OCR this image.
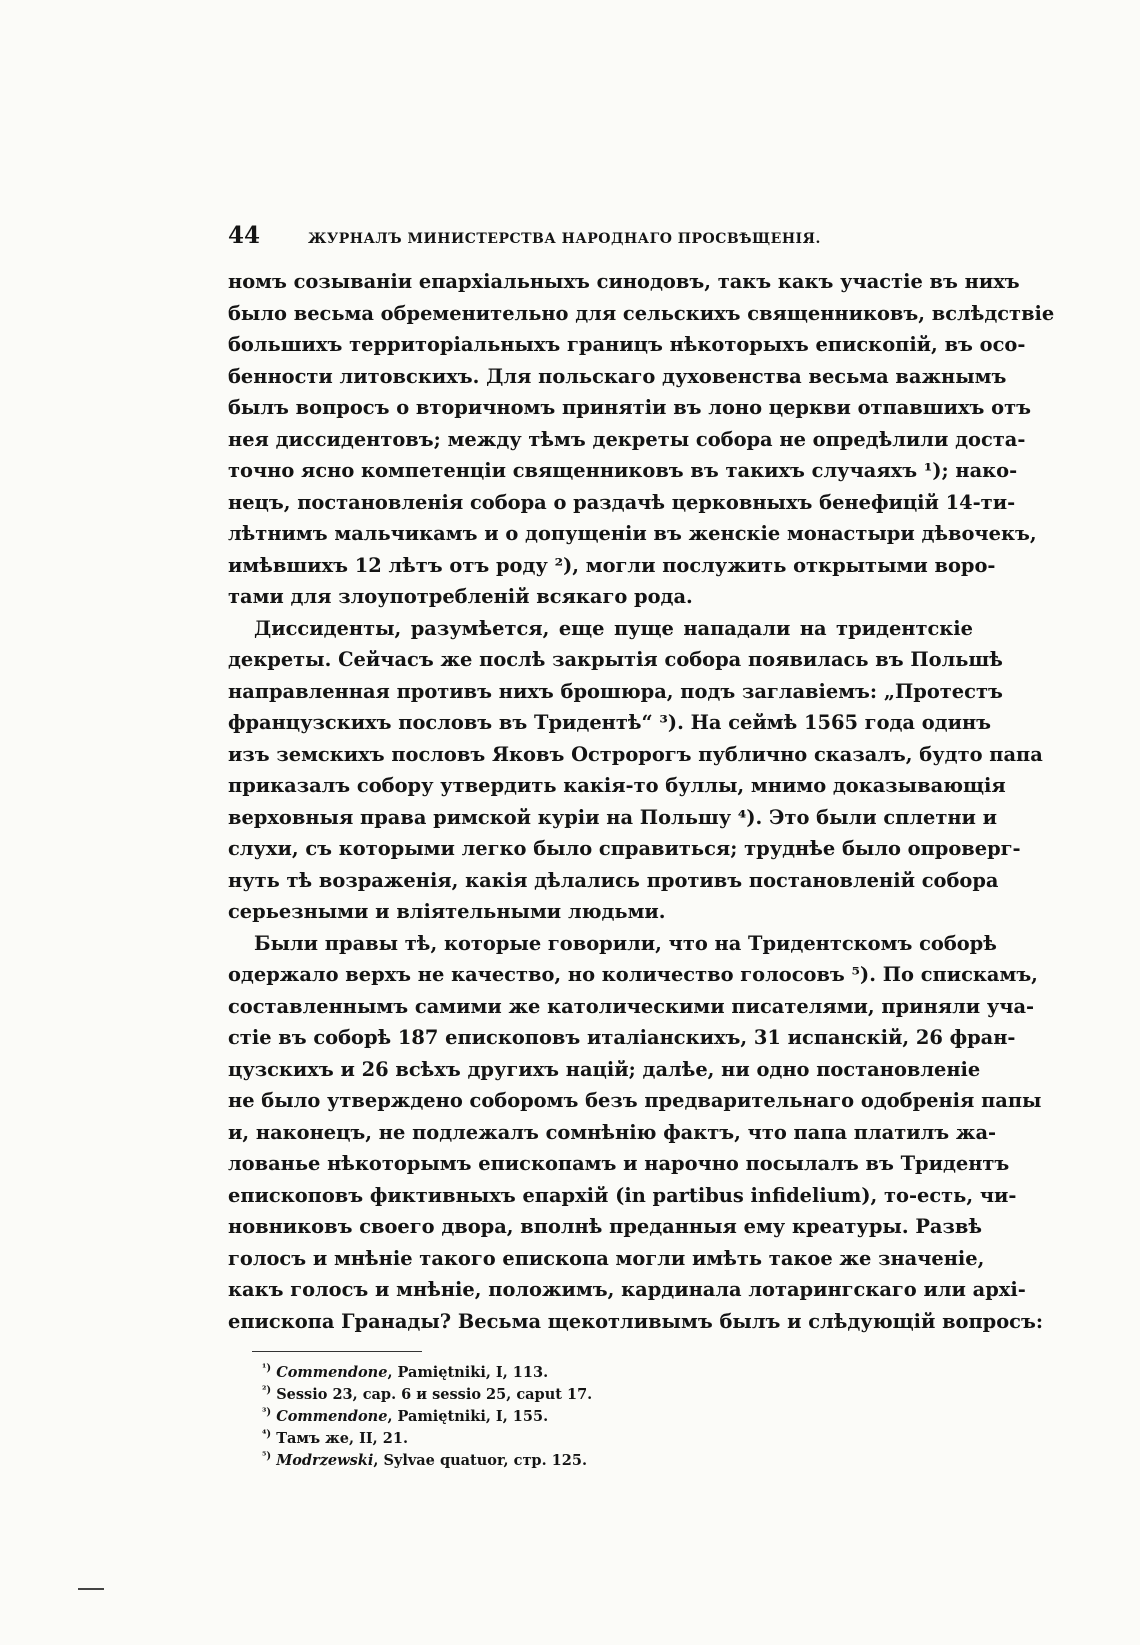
44	ЖУРНАЛЪ МИНИСТЕРСТВА НАРОДНАГО ПРОСВѢЩЕНІЯ.
номъ созываніи епархіальныхъ синодовъ, такъ какъ участіе въ нихъ
было весьма обременительно для сельскихъ священниковъ, вслѣдствіе
большихъ территоріальныхъ границъ нѣкоторыхъ епископій, въ осо-
бенности литовскихъ. Для польскаго духовенства весьма важнымъ
былъ вопросъ о вторичномъ принятіи въ лоно церкви отпавшихъ отъ
нея диссидентовъ; между тѣмъ декреты собора не опредѣлили доста-
точно ясно компетенціи священниковъ въ такихъ случаяхъ ¹); нако-
нецъ, постановленія собора о раздачѣ церковныхъ бенефицій 14-ти-
лѣтнимъ мальчикамъ и о допущеніи въ женскіе монастыри дѣвочекъ,
имѣвшихъ 12 лѣтъ отъ роду ²), могли послужить открытыми воро-
тами для злоупотребленій всякаго рода.
Диссиденты, разумѣется, еще пуще нападали на тридентскіе
декреты. Сейчасъ же послѣ закрытія собора появилась въ Польшѣ
направленная противъ нихъ брошюра, подъ заглавіемъ: „Протестъ
французскихъ пословъ въ Тридентѣ“ ³). На сеймѣ 1565 года одинъ
изъ земскихъ пословъ Яковъ Остророгъ публично сказалъ, будто папа
приказалъ собору утвердить какія-то буллы, мнимо доказывающія
верховныя права римской куріи на Польшу ⁴). Это были сплетни и
слухи, съ которыми легко было справиться; труднѣе было опроверг-
нуть тѣ возраженія, какія дѣлались противъ постановленій собора
серьезными и вліятельными людьми.
Были правы тѣ, которые говорили, что на Тридентскомъ соборѣ
одержало верхъ не качество, но количество голосовъ ⁵). По спискамъ,
составленнымъ самими же католическими писателями, приняли уча-
стіе въ соборѣ 187 епископовъ италіанскихъ, 31 испанскій, 26 фран-
цузскихъ и 26 всѣхъ другихъ націй; далѣе, ни одно постановленіе
не было утверждено соборомъ безъ предварительнаго одобренія папы
и, наконецъ, не подлежалъ сомнѣнію фактъ, что папа платилъ жа-
лованье нѣкоторымъ епископамъ и нарочно посылалъ въ Тридентъ
епископовъ фиктивныхъ епархій (in partibus infidelium), то-есть, чи-
новниковъ своего двора, вполнѣ преданныя ему креатуры. Развѣ
голосъ и мнѣніе такого епископа могли имѣть такое же значеніе,
какъ голосъ и мнѣніе, положимъ, кардинала лотарингскаго или архі-
епископа Гранады? Весьма щекотливымъ былъ и слѣдующій вопросъ:
$^{^1)}$ Commendone, Pamiętniki, I, 113.
$^{^2)}$ Sessio 23, cap. 6 и sessio 25, caput 17.
$^{^3)}$ Commendone, Pamiętniki, I, 155.
$^{^4)}$ Тамъ же, II, 21.
$^{^5)}$ Modrzewski, Sylvae quatuor, стр. 125.
